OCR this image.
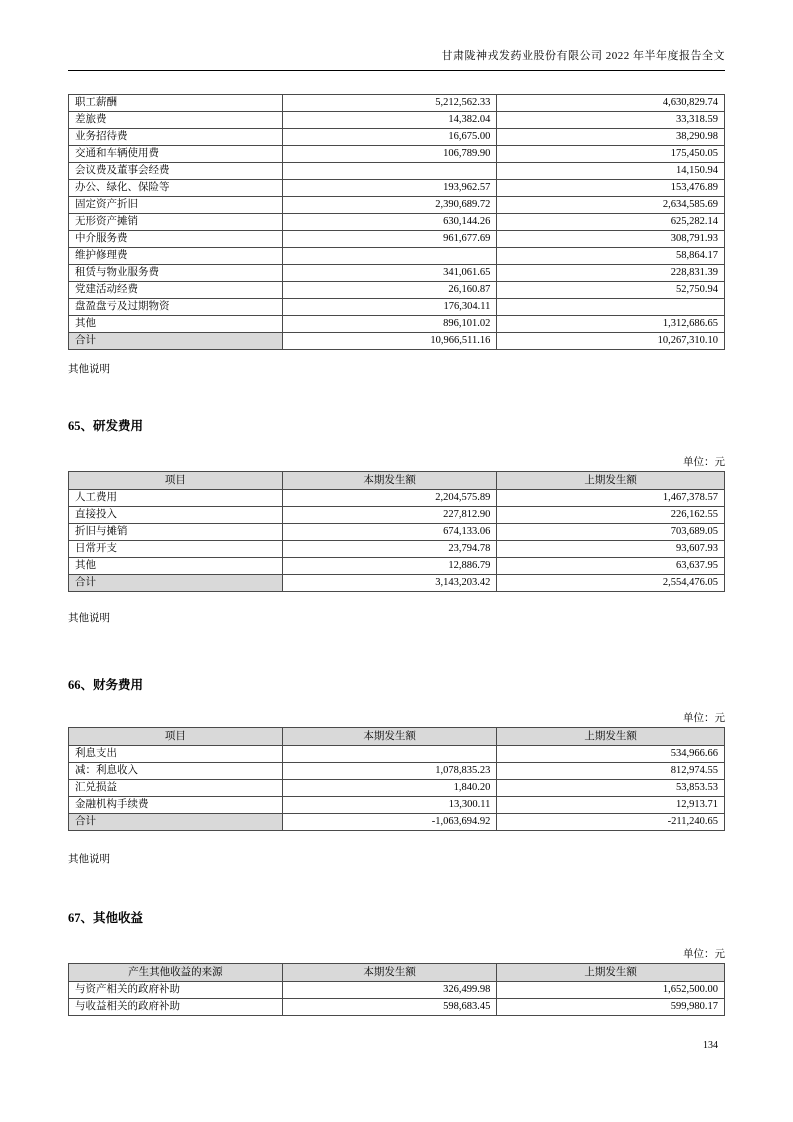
甘肃陇神戎发药业股份有限公司 2022 年半年度报告全文
职工薪酬	5,212,562.33	4,630,829.74
差旅费	14,382.04	33,318.59
业务招待费	16,675.00	38,290.98
交通和车辆使用费	106,789.90	175,450.05
会议费及董事会经费		14,150.94
办公、绿化、保险等	193,962.57	153,476.89
固定资产折旧	2,390,689.72	2,634,585.69
无形资产摊销	630,144.26	625,282.14
中介服务费	961,677.69	308,791.93
维护修理费		58,864.17
租赁与物业服务费	341,061.65	228,831.39
党建活动经费	26,160.87	52,750.94
盘盈盘亏及过期物资	176,304.11	
其他	896,101.02	1,312,686.65
合计	10,966,511.16	10,267,310.10
其他说明
65、研发费用
单位：元
项目	本期发生额	上期发生额
人工费用	2,204,575.89	1,467,378.57
直接投入	227,812.90	226,162.55
折旧与摊销	674,133.06	703,689.05
日常开支	23,794.78	93,607.93
其他	12,886.79	63,637.95
合计	3,143,203.42	2,554,476.05
其他说明
66、财务费用
单位：元
项目	本期发生额	上期发生额
利息支出		534,966.66
减：利息收入	1,078,835.23	812,974.55
汇兑损益	1,840.20	53,853.53
金融机构手续费	13,300.11	12,913.71
合计	-1,063,694.92	-211,240.65
其他说明
67、其他收益
单位：元
产生其他收益的来源	本期发生额	上期发生额
与资产相关的政府补助	326,499.98	1,652,500.00
与收益相关的政府补助	598,683.45	599,980.17
134
